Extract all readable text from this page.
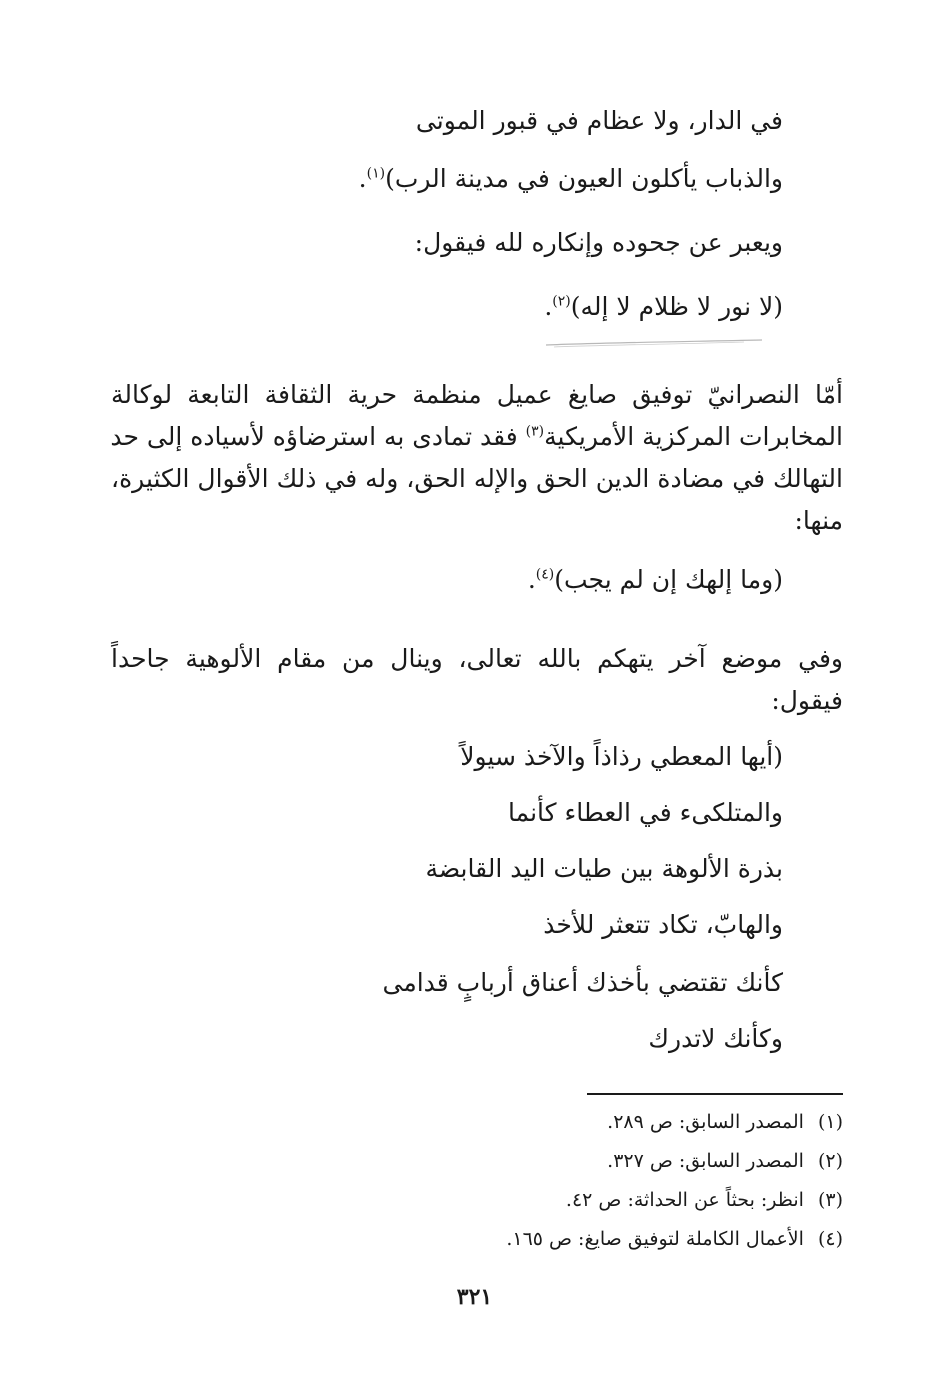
في الدار، ولا عظام في قبور الموتى
والذباب يأكلون العيون في مدينة الرب)$^{(١)}$.
ويعبر عن جحوده وإنكاره لله فيقول:
(لا نور لا ظلام لا إله)$^{(٢)}$.
أمّا النصرانيّ توفيق صايغ عميل منظمة حرية الثقافة التابعة لوكالة
المخابرات المركزية الأمريكية$^{(٣)}$ فقد تمادى به استرضاؤه لأسياده إلى حد
التهالك في مضادة الدين الحق والإله الحق، وله في ذلك الأقوال الكثيرة،
منها:
(وما إلهك إن لم يجب)$^{(٤)}$.
وفي موضع آخر يتهكم بالله تعالى، وينال من مقام الألوهية جاحداً
فيقول:
(أيها المعطي رذاذاً والآخذ سيولاً
والمتلكىء في العطاء كأنما
بذرة الألوهة بين طيات اليد القابضة
والهابّ، تكاد تتعثر للأخذ
كأنك تقتضي بأخذك أعناق أربابٍ قدامى
وكأنك لاتدرك
(١)المصدر السابق: ص ٢٨٩.
(٢)المصدر السابق: ص ٣٢٧.
(٣)انظر: بحثاً عن الحداثة: ص ٤٢.
(٤)الأعمال الكاملة لتوفيق صايغ: ص ١٦٥.
٣٢١
